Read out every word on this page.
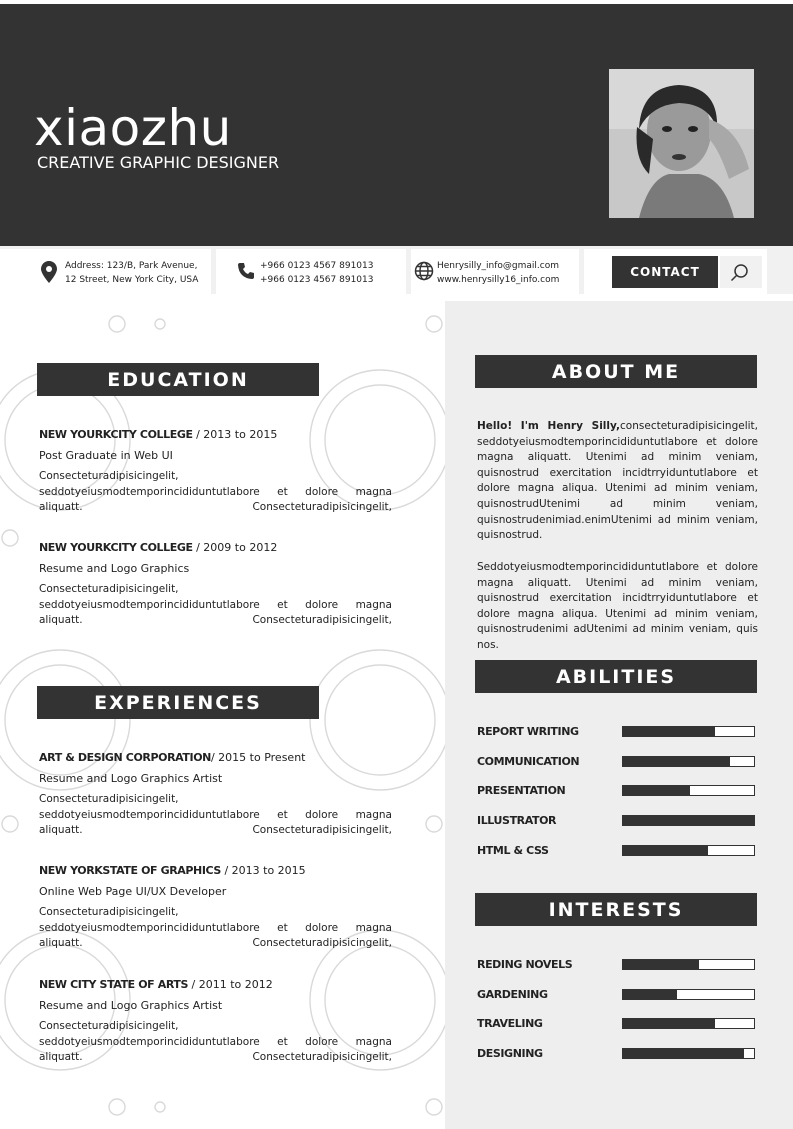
xiaozhu
CREATIVE GRAPHIC DESIGNER
Address: 123/B, Park Avenue,
12 Street, New York City, USA
+966 0123 4567 891013
+966 0123 4567 891013
Henrysilly_info@gmail.com
www.henrysilly16_info.com
CONTACT
EDUCATION
NEW YOURKCITY COLLEGE / 2013 to 2015
Post Graduate in Web UI
Consecteturadipisicingelit, seddotyeiusmodtemporincididuntutlabore et dolore magna aliquatt. Consecteturadipisicingelit,
NEW YOURKCITY COLLEGE / 2009 to 2012
Resume and Logo Graphics
Consecteturadipisicingelit, seddotyeiusmodtemporincididuntutlabore et dolore magna aliquatt. Consecteturadipisicingelit,
EXPERIENCES
ART & DESIGN CORPORATION/ 2015 to Present
Resume and Logo Graphics Artist
Consecteturadipisicingelit, seddotyeiusmodtemporincididuntutlabore et dolore magna aliquatt. Consecteturadipisicingelit,
NEW YORKSTATE OF GRAPHICS / 2013 to 2015
Online Web Page UI/UX Developer
Consecteturadipisicingelit, seddotyeiusmodtemporincididuntutlabore et dolore magna aliquatt. Consecteturadipisicingelit,
NEW CITY STATE OF ARTS / 2011 to 2012
Resume and Logo Graphics Artist
Consecteturadipisicingelit, seddotyeiusmodtemporincididuntutlabore et dolore magna aliquatt. Consecteturadipisicingelit,
ABOUT ME
Hello! I'm Henry Silly,consecteturadipisicingelit, seddotyeiusmodtemporincididuntutlabore et dolore magna aliquatt. Utenimi ad minim veniam, quisnostrud exercitation incidtrryiduntutlabore et dolore magna aliqua. Utenimi ad minim veniam, quisnostrudUtenimi ad minim veniam, quisnostrudenimiad.enimUtenimi ad minim veniam, quisnostrud.
Seddotyeiusmodtemporincididuntutlabore et dolore magna aliquatt. Utenimi ad minim veniam, quisnostrud exercitation incidtrryiduntutlabore et dolore magna aliqua. Utenimi ad minim veniam, quisnostrudenimi adUtenimi ad minim veniam, quis nos.
ABILITIES
REPORT WRITING
COMMUNICATION
PRESENTATION
ILLUSTRATOR
HTML & CSS
INTERESTS
REDING NOVELS
GARDENING
TRAVELING
DESIGNING
